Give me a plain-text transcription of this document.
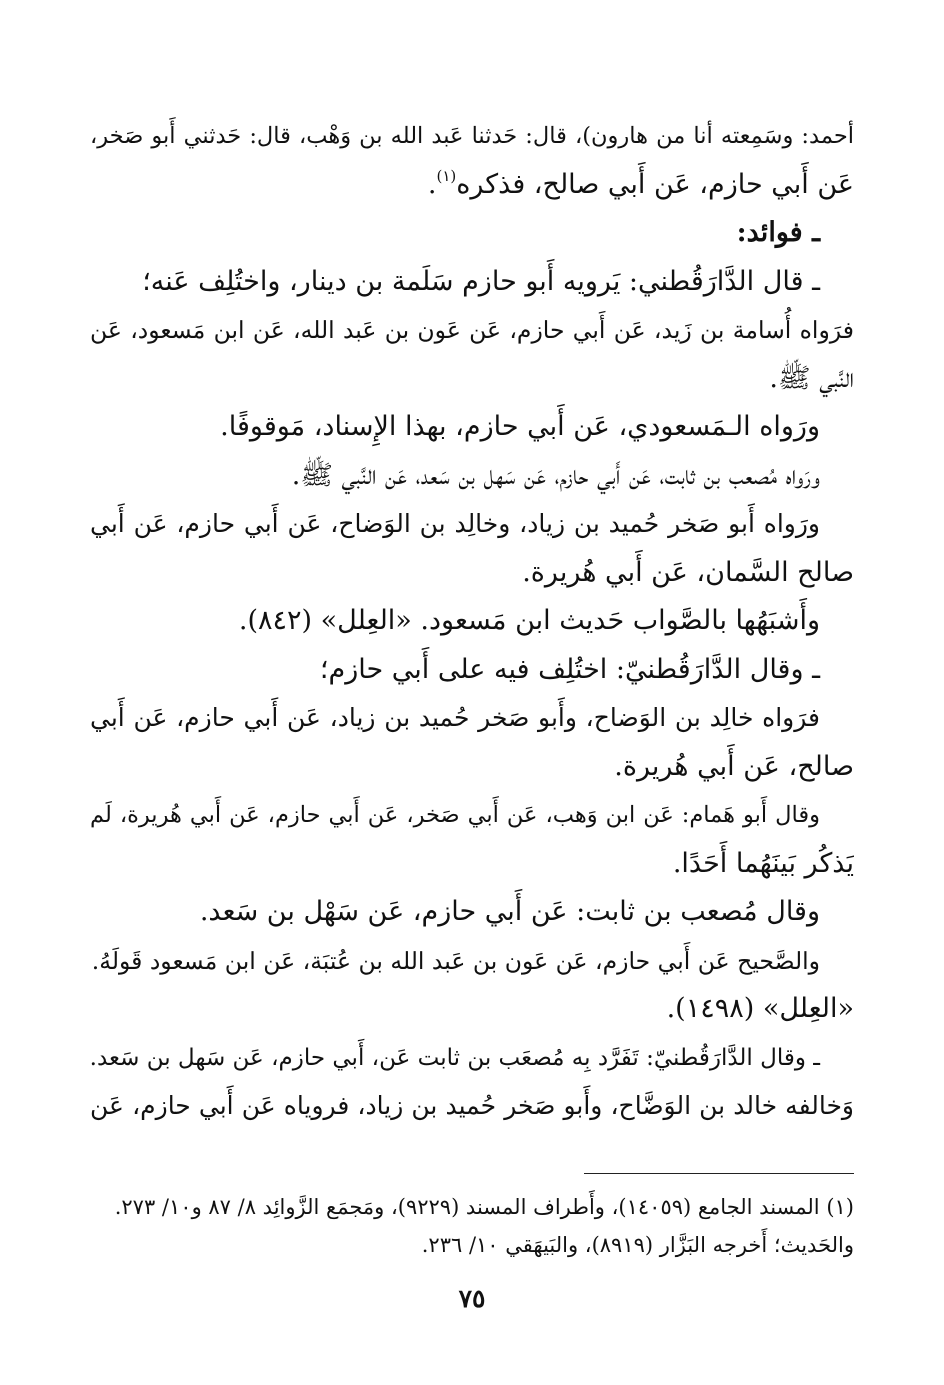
أحمد: وسَمِعته أنا من هارون)، قال: حَدثنا عَبد الله بن وَهْب، قال: حَدثني أَبو صَخر،
عَن أَبي حازم، عَن أَبي صالح، فذكره$^{(١)}$.
ـ فوائد:
ـ قال الدَّارَقُطني: يَرويه أَبو حازم سَلَمة بن دينار، واختُلِف عَنه؛
فرَواه أُسامة بن زَيد، عَن أَبي حازم، عَن عَون بن عَبد الله، عَن ابن مَسعود، عَن
النَّبي ﷺ.
ورَواه الـمَسعودي، عَن أَبي حازم، بهذا الإِسناد، مَوقوفًا.
ورَواه مُصعب بن ثابت، عَن أَبي حازم، عَن سَهل بن سَعد، عَن النَّبي ﷺ.
ورَواه أَبو صَخر حُميد بن زياد، وخالِد بن الوَضاح، عَن أَبي حازم، عَن أَبي
صالح السَّمان، عَن أَبي هُريرة.
وأَشبَهُها بالصَّواب حَديث ابن مَسعود. «العِلل» (٨٤٢).
ـ وقال الدَّارَقُطنيّ: اختُلِف فيه على أَبي حازم؛
فرَواه خالِد بن الوَضاح، وأَبو صَخر حُميد بن زياد، عَن أَبي حازم، عَن أَبي
صالح، عَن أَبي هُريرة.
وقال أَبو هَمام: عَن ابن وَهب، عَن أَبي صَخر، عَن أَبي حازم، عَن أَبي هُريرة، لَم
يَذكُر بَينَهُما أَحَدًا.
وقال مُصعب بن ثابت: عَن أَبي حازم، عَن سَهْل بن سَعد.
والصَّحيح عَن أَبي حازم، عَن عَون بن عَبد الله بن عُتبَة، عَن ابن مَسعود قَولَهُ.
«العِلل» (١٤٩٨).
ـ وقال الدَّارَقُطنيّ: تَفَرَّد بِه مُصعَب بن ثابت عَن، أَبي حازم، عَن سَهل بن سَعد.
وَخالفه خالد بن الوَضَّاح، وأَبو صَخر حُميد بن زياد، فروياه عَن أَبي حازم، عَن
(١) المسند الجامع (١٤٠٥٩)، وأَطراف المسند (٩٢٢٩)، ومَجمَع الزَّوائِد ٨/ ٨٧ و١٠/ ٢٧٣.
والحَديث؛ أَخرجه البَزَّار (٨٩١٩)، والبَيهَقي ١٠/ ٢٣٦.
٧٥
